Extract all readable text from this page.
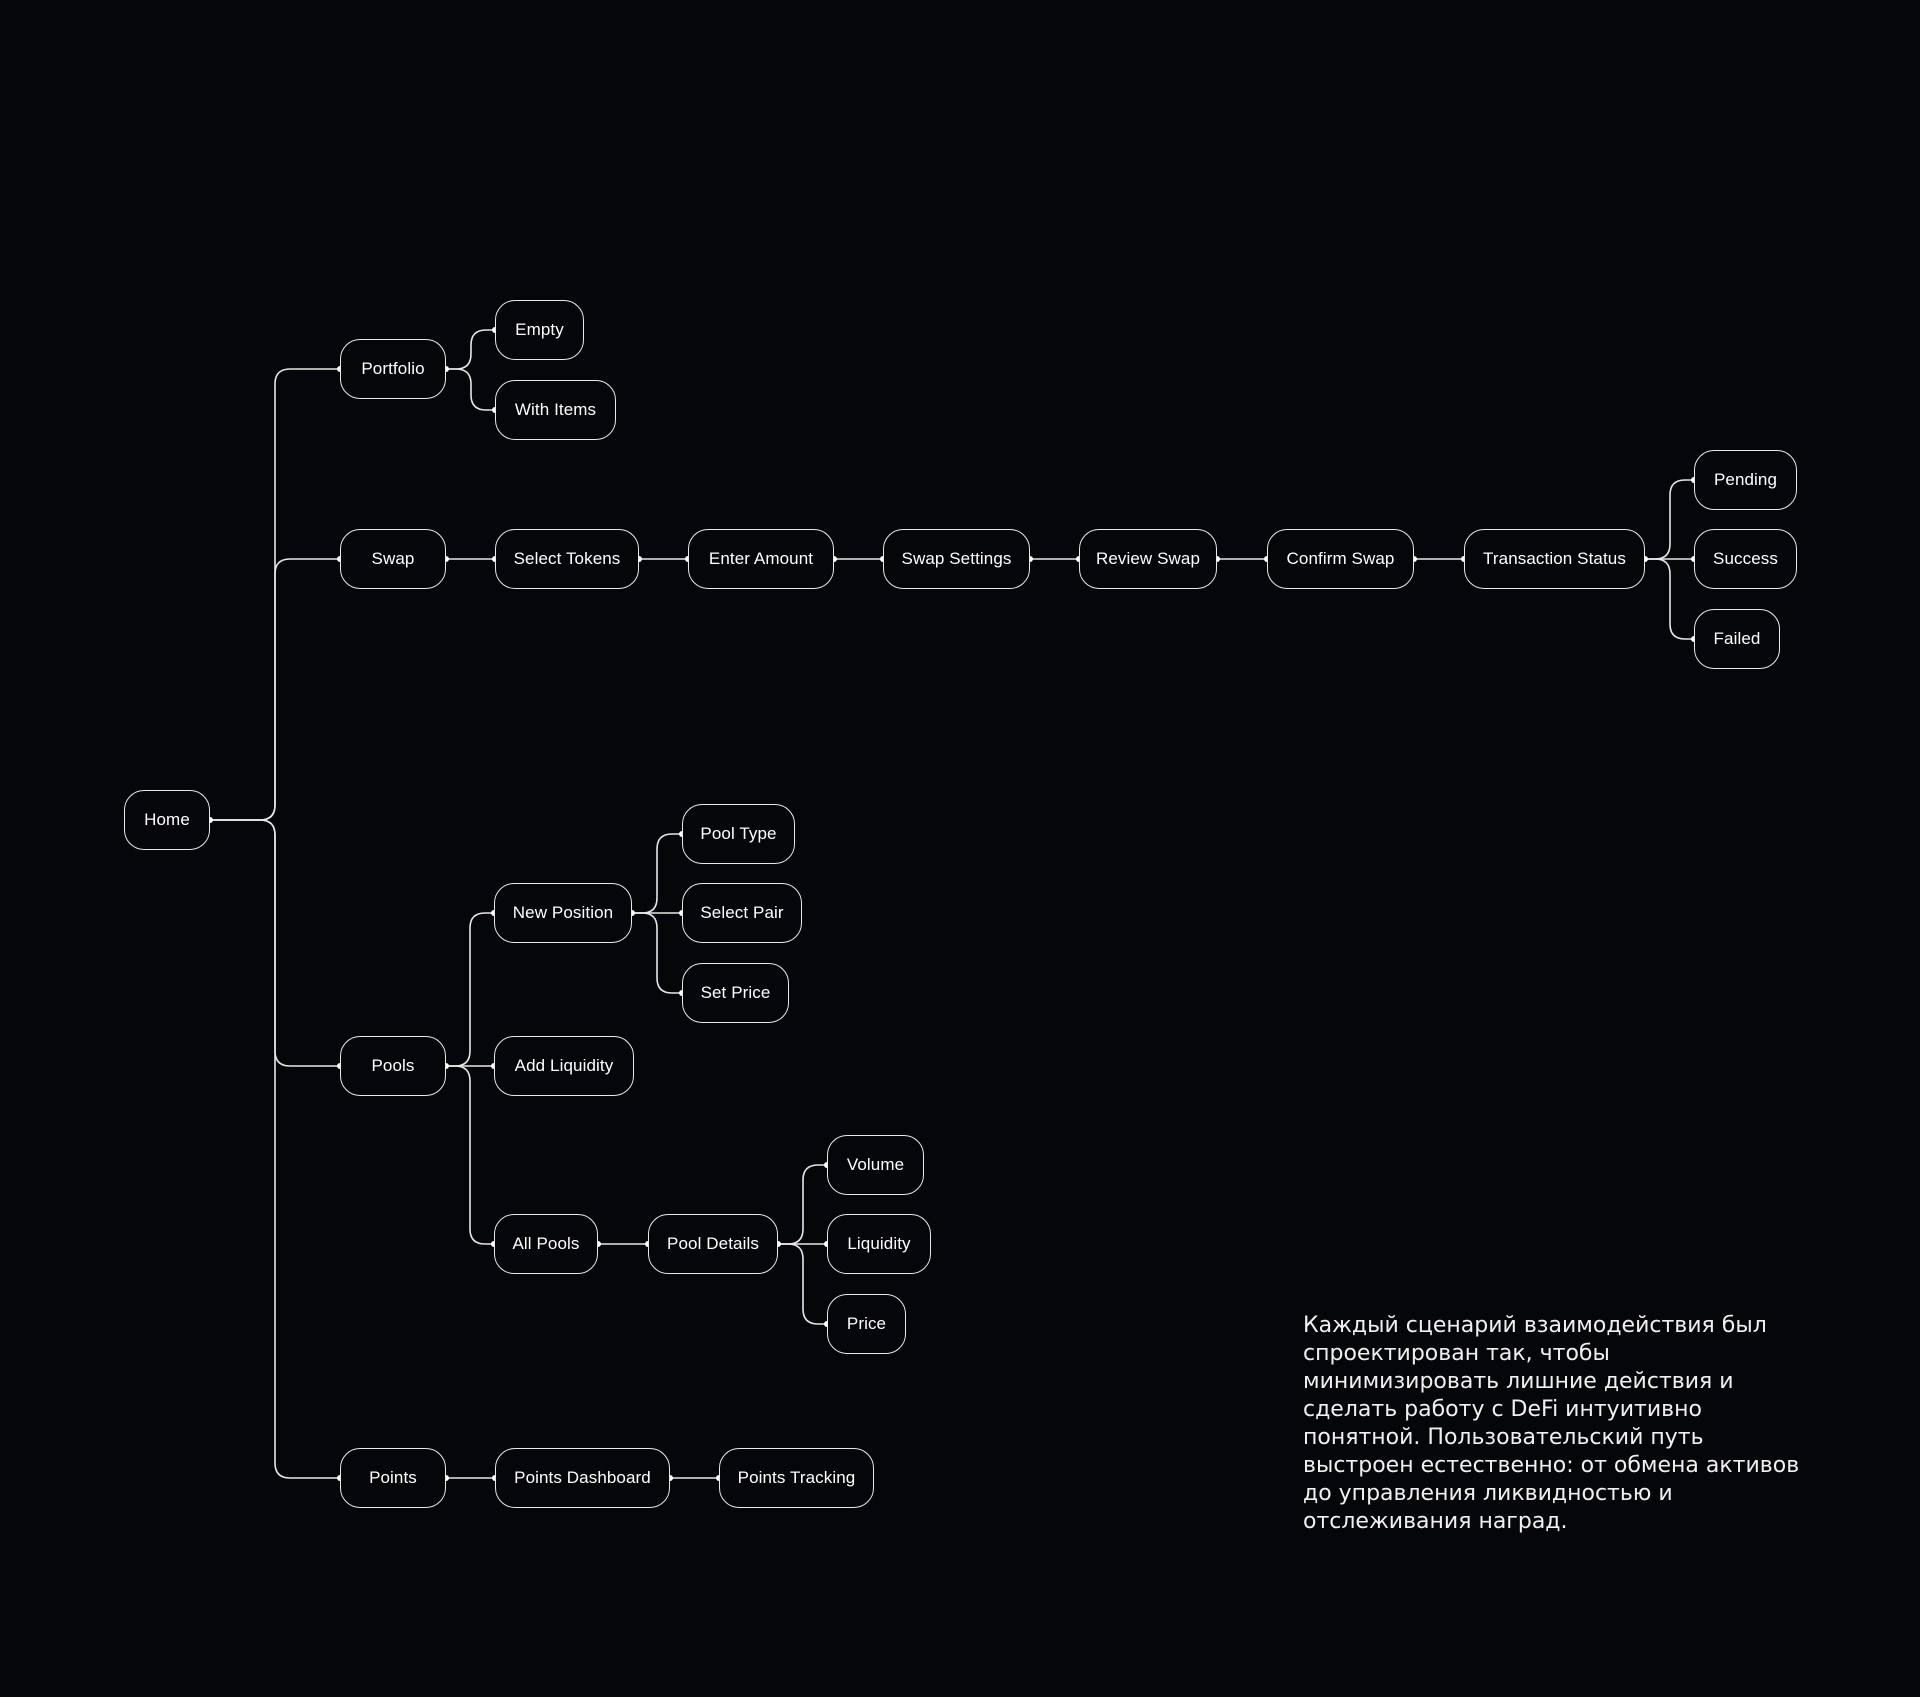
Home
Portfolio
Empty
With Items
Swap	Select Tokens	Enter Amount	Swap Settings	Review Swap	Confirm Swap	Transaction Status
Pending
Success
Failed
Pools
New Position
Pool Type
Select Pair
Set Price
Add Liquidity
All Pools	Pool Details
Volume
Liquidity
Price
Points	Points Dashboard	Points Tracking
Каждый сценарий взаимодействия был спроектирован так, чтобы минимизировать лишние действия и сделать работу с DeFi интуитивно понятной. Пользовательский путь выстроен естественно: от обмена активов до управления ликвидностью и отслеживания наград.
